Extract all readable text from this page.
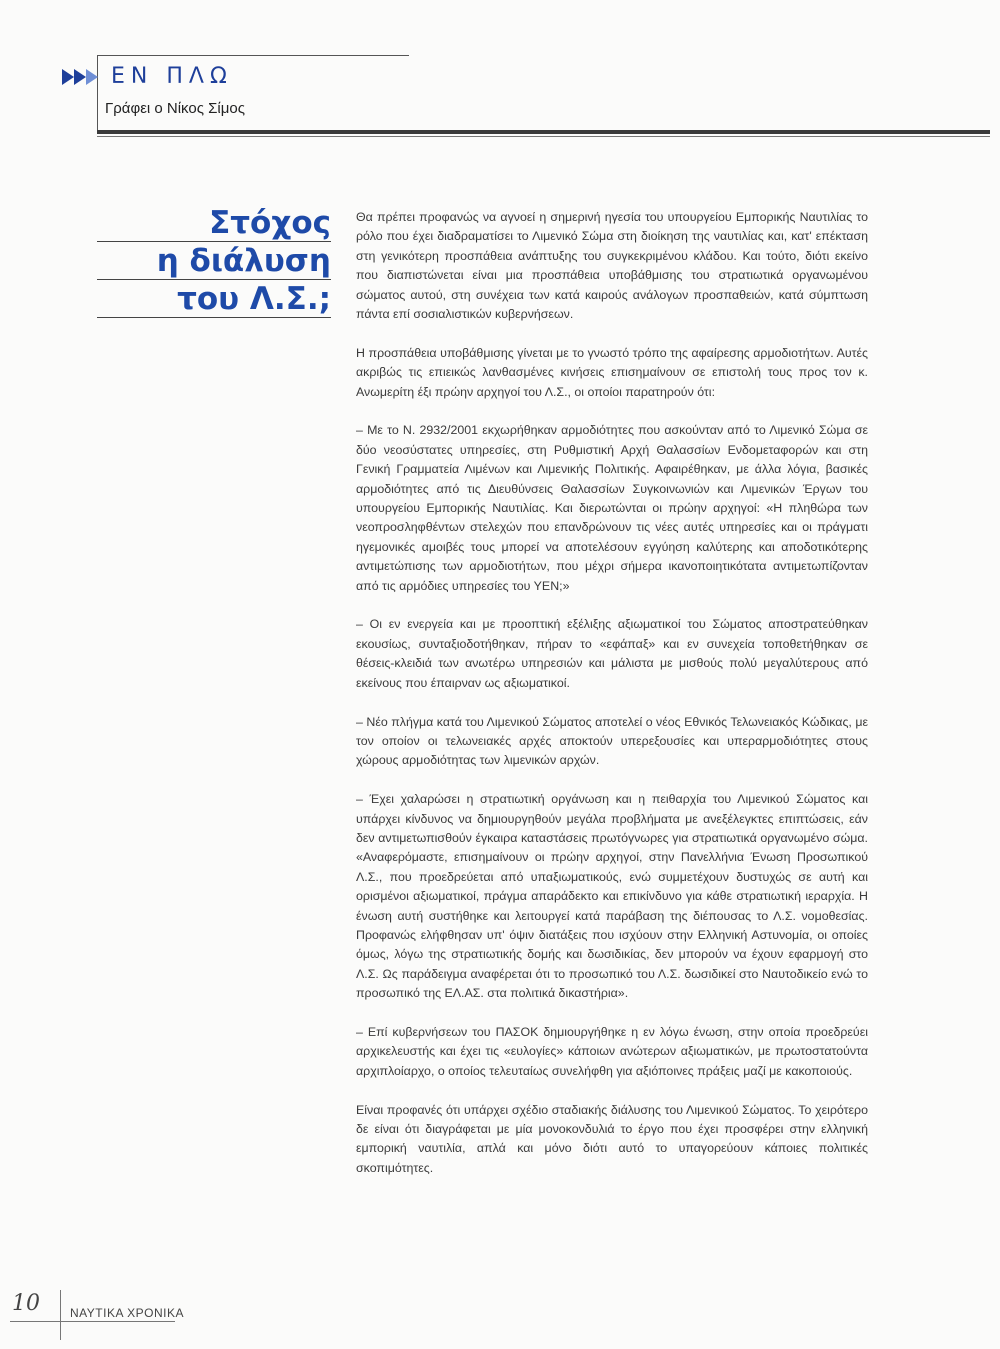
ΕΝ ΠΛΩ
Γράφει ο Νίκος Σίμος
Στόχος
η διάλυση
του Λ.Σ.;

Θα πρέπει προφανώς να αγνοεί η σημερινή ηγεσία του υπουργείου Εμπορικής Ναυτιλίας το ρόλο που έχει διαδραματίσει το Λιμενικό Σώμα στη διοίκηση της ναυτιλίας και, κατ' επέκταση στη γενικότερη προσπάθεια ανάπτυξης του συγκεκριμένου κλάδου. Και τούτο, διότι εκείνο που διαπιστώνεται είναι μια προσπάθεια υποβάθμισης του στρατιωτικά οργανωμένου σώματος αυτού, στη συνέχεια των κατά καιρούς ανάλογων προσπαθειών, κατά σύμπτωση πάντα επί σοσιαλιστικών κυβερνήσεων.

Η προσπάθεια υποβάθμισης γίνεται με το γνωστό τρόπο της αφαίρεσης αρμοδιοτήτων. Αυτές ακριβώς τις επιεικώς λανθασμένες κινήσεις επισημαίνουν σε επιστολή τους προς τον κ. Ανωμερίτη έξι πρώην αρχηγοί του Λ.Σ., οι οποίοι παρατηρούν ότι:

– Με το Ν. 2932/2001 εκχωρήθηκαν αρμοδιότητες που ασκούνταν από το Λιμενικό Σώμα σε δύο νεοσύστατες υπηρεσίες, στη Ρυθμιστική Αρχή Θαλασσίων Ενδομεταφορών και στη Γενική Γραμματεία Λιμένων και Λιμενικής Πολιτικής. Αφαιρέθηκαν, με άλλα λόγια, βασικές αρμοδιότητες από τις Διευθύνσεις Θαλασσίων Συγκοινωνιών και Λιμενικών Έργων του υπουργείου Εμπορικής Ναυτιλίας. Και διερωτώνται οι πρώην αρχηγοί: «Η πληθώρα των νεοπροσληφθέντων στελεχών που επανδρώνουν τις νέες αυτές υπηρεσίες και οι πράγματι ηγεμονικές αμοιβές τους μπορεί να αποτελέσουν εγγύηση καλύτερης και αποδοτικότερης αντιμετώπισης των αρμοδιοτήτων, που μέχρι σήμερα ικανοποιητικότατα αντιμετωπίζονταν από τις αρμόδιες υπηρεσίες του ΥΕΝ;»

– Οι εν ενεργεία και με προοπτική εξέλιξης αξιωματικοί του Σώματος αποστρατεύθηκαν εκουσίως, συνταξιοδοτήθηκαν, πήραν το «εφάπαξ» και εν συνεχεία τοποθετήθηκαν σε θέσεις-κλειδιά των ανωτέρω υπηρεσιών και μάλιστα με μισθούς πολύ μεγαλύτερους από εκείνους που έπαιρναν ως αξιωματικοί.

– Νέο πλήγμα κατά του Λιμενικού Σώματος αποτελεί ο νέος Εθνικός Τελωνειακός Κώδικας, με τον οποίον οι τελωνειακές αρχές αποκτούν υπερεξουσίες και υπεραρμοδιότητες στους χώρους αρμοδιότητας των λιμενικών αρχών.

– Έχει χαλαρώσει η στρατιωτική οργάνωση και η πειθαρχία του Λιμενικού Σώματος και υπάρχει κίνδυνος να δημιουργηθούν μεγάλα προβλήματα με ανεξέλεγκτες επιπτώσεις, εάν δεν αντιμετωπισθούν έγκαιρα καταστάσεις πρωτόγνωρες για στρατιωτικά οργανωμένο σώμα. «Αναφερόμαστε, επισημαίνουν οι πρώην αρχηγοί, στην Πανελλήνια Ένωση Προσωπικού Λ.Σ., που προεδρεύεται από υπαξιωματικούς, ενώ συμμετέχουν δυστυχώς σε αυτή και ορισμένοι αξιωματικοί, πράγμα απαράδεκτο και επικίνδυνο για κάθε στρατιωτική ιεραρχία. Η ένωση αυτή συστήθηκε και λειτουργεί κατά παράβαση της διέπουσας το Λ.Σ. νομοθεσίας. Προφανώς ελήφθησαν υπ' όψιν διατάξεις που ισχύουν στην Ελληνική Αστυνομία, οι οποίες όμως, λόγω της στρατιωτικής δομής και δωσιδικίας, δεν μπορούν να έχουν εφαρμογή στο Λ.Σ. Ως παράδειγμα αναφέρεται ότι το προσωπικό του Λ.Σ. δωσιδικεί στο Ναυτοδικείο ενώ το προσωπικό της ΕΛ.ΑΣ. στα πολιτικά δικαστήρια».

– Επί κυβερνήσεων του ΠΑΣΟΚ δημιουργήθηκε η εν λόγω ένωση, στην οποία προεδρεύει αρχικελευστής και έχει τις «ευλογίες» κάποιων ανώτερων αξιωματικών, με πρωτοστατούντα αρχιπλοίαρχο, ο οποίος τελευταίως συνελήφθη για αξιόποινες πράξεις μαζί με κακοποιούς.

Είναι προφανές ότι υπάρχει σχέδιο σταδιακής διάλυσης του Λιμενικού Σώματος. Το χειρότερο δε είναι ότι διαγράφεται με μία μονοκονδυλιά το έργο που έχει προσφέρει στην ελληνική εμπορική ναυτιλία, απλά και μόνο διότι αυτό το υπαγορεύουν κάποιες πολιτικές σκοπιμότητες.

10	ΝΑΥΤΙΚΑ ΧΡΟΝΙΚΑ
